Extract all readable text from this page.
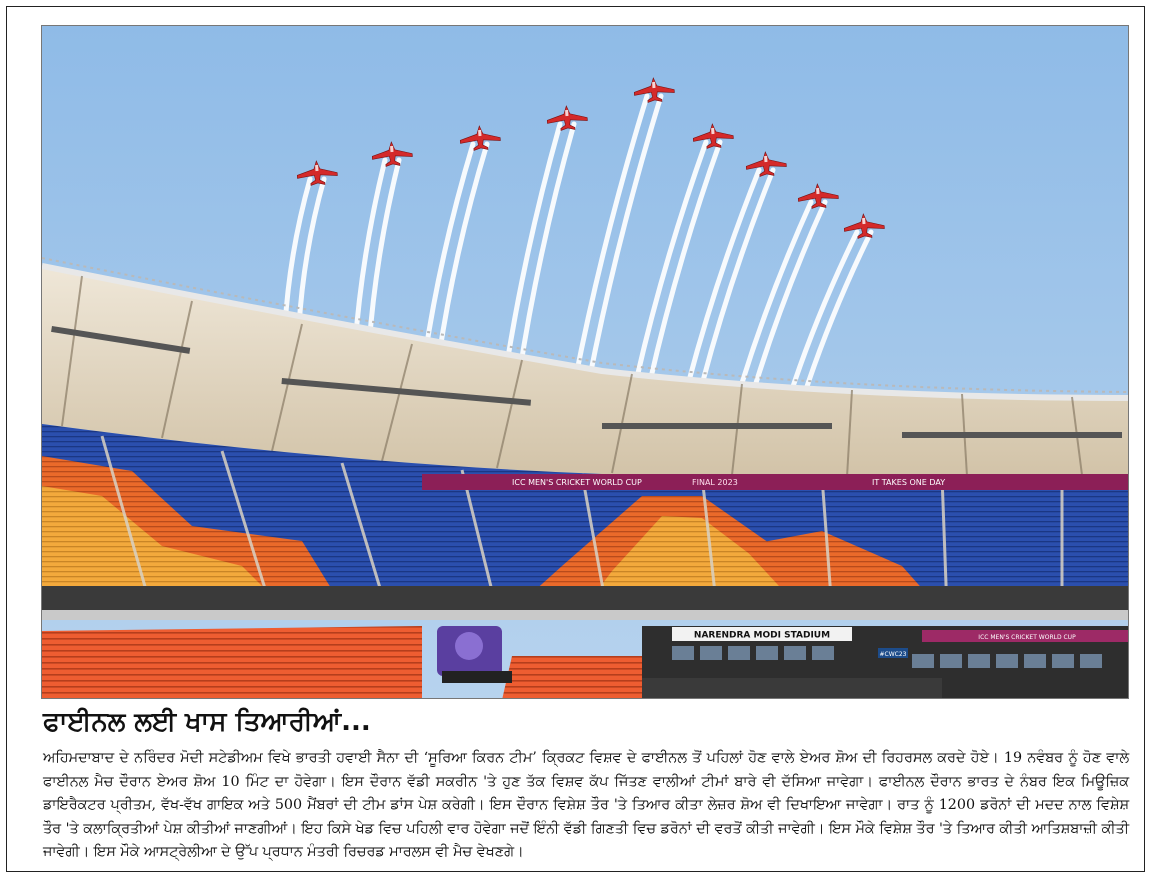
ICC MEN'S CRICKET WORLD CUP	FINAL 2023	IT TAKES ONE DAY
NARENDRA MODI STADIUM	ICC MEN'S CRICKET WORLD CUP
#CWC23
ਫਾਈਨਲ ਲਈ ਖਾਸ ਤਿਆਰੀਆਂ...
ਅਹਿਮਦਾਬਾਦ ਦੇ ਨਰਿੰਦਰ ਮੋਦੀ ਸਟੇਡੀਅਮ ਵਿਖੇ ਭਾਰਤੀ ਹਵਾਈ ਸੈਨਾ ਦੀ ‘ਸੂਰਿਆ ਕਿਰਨ ਟੀਮ’ ਕ੍ਰਿਕਟ ਵਿਸ਼ਵ ਦੇ ਫਾਈਨਲ ਤੋਂ ਪਹਿਲਾਂ ਹੋਣ ਵਾਲੇ ਏਅਰ ਸ਼ੋਅ ਦੀ ਰਿਹਰਸਲ ਕਰਦੇ ਹੋਏ। 19 ਨਵੰਬਰ ਨੂੰ ਹੋਣ ਵਾਲੇ ਫਾਈਨਲ ਮੈਚ ਦੌਰਾਨ ਏਅਰ ਸ਼ੋਅ 10 ਮਿੰਟ ਦਾ ਹੋਵੇਗਾ। ਇਸ ਦੌਰਾਨ ਵੱਡੀ ਸਕਰੀਨ 'ਤੇ ਹੁਣ ਤੱਕ ਵਿਸ਼ਵ ਕੱਪ ਜਿੱਤਣ ਵਾਲੀਆਂ ਟੀਮਾਂ ਬਾਰੇ ਵੀ ਦੱਸਿਆ ਜਾਵੇਗਾ। ਫਾਈਨਲ ਦੌਰਾਨ ਭਾਰਤ ਦੇ ਨੰਬਰ ਇਕ ਮਿਊਜ਼ਿਕ ਡਾਇਰੈਕਟਰ ਪ੍ਰੀਤਮ, ਵੱਖ-ਵੱਖ ਗਾਇਕ ਅਤੇ 500 ਮੈਂਬਰਾਂ ਦੀ ਟੀਮ ਡਾਂਸ ਪੇਸ਼ ਕਰੇਗੀ। ਇਸ ਦੌਰਾਨ ਵਿਸ਼ੇਸ਼ ਤੌਰ 'ਤੇ ਤਿਆਰ ਕੀਤਾ ਲੇਜ਼ਰ ਸ਼ੋਅ ਵੀ ਦਿਖਾਇਆ ਜਾਵੇਗਾ। ਰਾਤ ਨੂੰ 1200 ਡਰੋਨਾਂ ਦੀ ਮਦਦ ਨਾਲ ਵਿਸ਼ੇਸ਼ ਤੌਰ 'ਤੇ ਕਲਾਕ੍ਰਿਤੀਆਂ ਪੇਸ਼ ਕੀਤੀਆਂ ਜਾਣਗੀਆਂ। ਇਹ ਕਿਸੇ ਖੇਡ ਵਿਚ ਪਹਿਲੀ ਵਾਰ ਹੋਵੇਗਾ ਜਦੋਂ ਇੰਨੀ ਵੱਡੀ ਗਿਣਤੀ ਵਿਚ ਡਰੋਨਾਂ ਦੀ ਵਰਤੋਂ ਕੀਤੀ ਜਾਵੇਗੀ। ਇਸ ਮੌਕੇ ਵਿਸ਼ੇਸ਼ ਤੌਰ 'ਤੇ ਤਿਆਰ ਕੀਤੀ ਆਤਿਸ਼ਬਾਜ਼ੀ ਕੀਤੀ ਜਾਵੇਗੀ। ਇਸ ਮੌਕੇ ਆਸਟ੍ਰੇਲੀਆ ਦੇ ਉੱਪ ਪ੍ਰਧਾਨ ਮੰਤਰੀ ਰਿਚਰਡ ਮਾਰਲਸ ਵੀ ਮੈਚ ਵੇਖਣਗੇ।
